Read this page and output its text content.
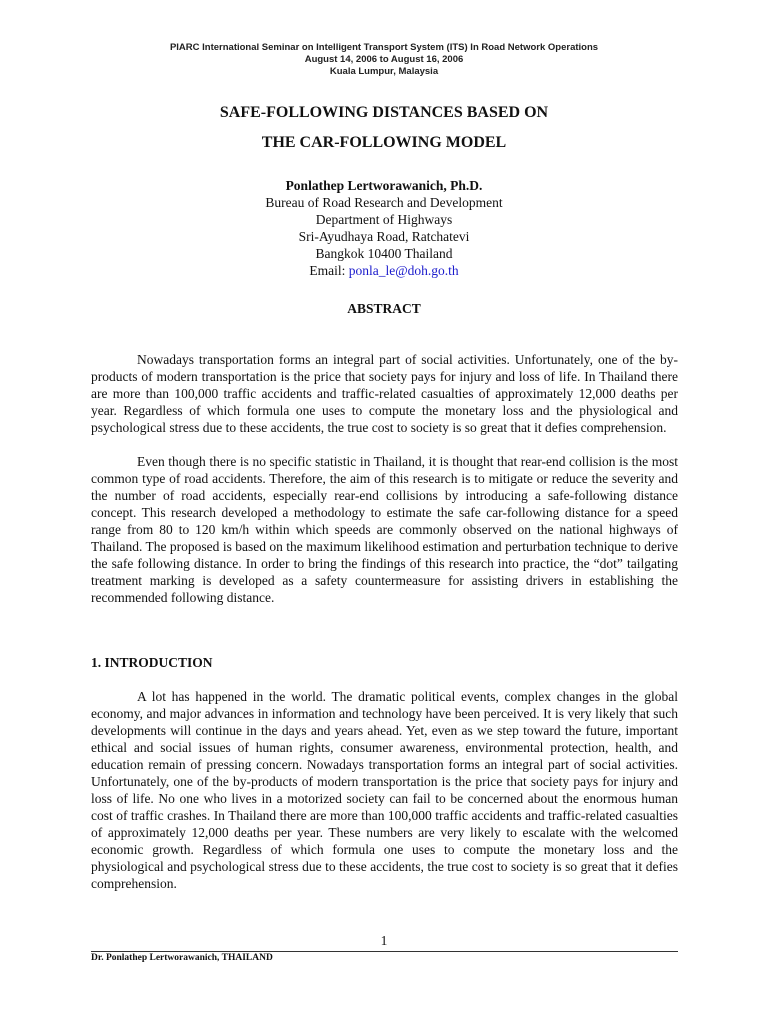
PIARC International Seminar on Intelligent Transport System (ITS) In Road Network Operations
August 14, 2006 to August 16, 2006
Kuala Lumpur, Malaysia
SAFE-FOLLOWING DISTANCES BASED ON
THE CAR-FOLLOWING MODEL
Ponlathep Lertworawanich, Ph.D.
Bureau of Road Research and Development
Department of Highways
Sri-Ayudhaya Road, Ratchatevi
Bangkok 10400 Thailand
Email: ponla_le@doh.go.th
ABSTRACT

Nowadays transportation forms an integral part of social activities. Unfortunately, one of the by-products of modern transportation is the price that society pays for injury and loss of life. In Thailand there are more than 100,000 traffic accidents and traffic-related casualties of approximately 12,000 deaths per year. Regardless of which formula one uses to compute the monetary loss and the physiological and psychological stress due to these accidents, the true cost to society is so great that it defies comprehension.

Even though there is no specific statistic in Thailand, it is thought that rear-end collision is the most common type of road accidents. Therefore, the aim of this research is to mitigate or reduce the severity and the number of road accidents, especially rear-end collisions by introducing a safe-following distance concept. This research developed a methodology to estimate the safe car-following distance for a speed range from 80 to 120 km/h within which speeds are commonly observed on the national highways of Thailand. The proposed is based on the maximum likelihood estimation and perturbation technique to derive the safe following distance. In order to bring the findings of this research into practice, the “dot” tailgating treatment marking is developed as a safety countermeasure for assisting drivers in establishing the recommended following distance.

1. INTRODUCTION

A lot has happened in the world. The dramatic political events, complex changes in the global economy, and major advances in information and technology have been perceived. It is very likely that such developments will continue in the days and years ahead. Yet, even as we step toward the future, important ethical and social issues of human rights, consumer awareness, environmental protection, health, and education remain of pressing concern. Nowadays transportation forms an integral part of social activities. Unfortunately, one of the by-products of modern transportation is the price that society pays for injury and loss of life. No one who lives in a motorized society can fail to be concerned about the enormous human cost of traffic crashes. In Thailand there are more than 100,000 traffic accidents and traffic-related casualties of approximately 12,000 deaths per year. These numbers are very likely to escalate with the welcomed economic growth. Regardless of which formula one uses to compute the monetary loss and the physiological and psychological stress due to these accidents, the true cost to society is so great that it defies comprehension.

1
Dr. Ponlathep Lertworawanich, THAILAND
